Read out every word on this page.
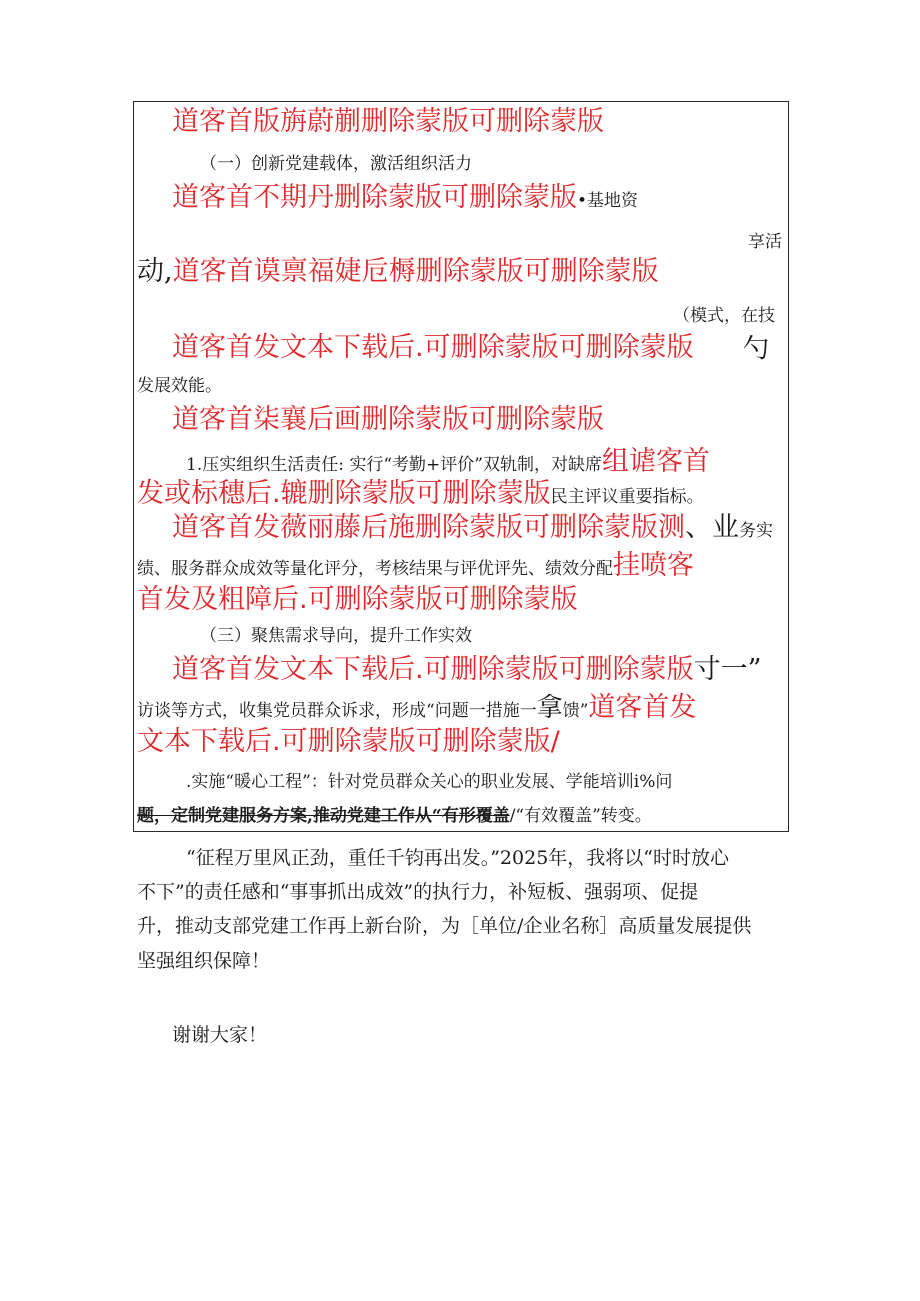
道客首版旃蔚蒯删除蒙版可删除蒙版
（一）创新党建载体，激活组织活力
道客首不期丹删除蒙版可删除蒙版•基地资
享活
动,道客首谟禀福婕卮槈删除蒙版可删除蒙版
（模式，在技
道客首发文本下载后.可删除蒙版可删除蒙版 勺
发展效能。
道客首柒襄后画删除蒙版可删除蒙版
1.压实组织生活责任: 实行“考勤+评价”双轨制，对缺席组谑客首
发或标穗后.辘删除蒙版可删除蒙版民主评议重要指标。
道客首发薇丽藤后施删除蒙版可删除蒙版测、业务实
绩、服务群众成效等量化评分，考核结果与评优评先、绩效分配挂喷客
首发及粗障后.可删除蒙版可删除蒙版
（三）聚焦需求导向，提升工作实效
道客首发文本下载后.可删除蒙版可删除蒙版寸一”
访谈等方式，收集党员群众诉求，形成“问题一措施一拿馈”道客首发
文本下载后.可删除蒙版可删除蒙版/
.实施“暖心工程”：针对党员群众关心的职业发展、学能培训i%问
题，定制党建服务方案,推动党建工作从“有形覆盖/“有效覆盖”转变。
“征程万里风正劲，重任千钧再出发。”2025年，我将以“时时放心
不下”的责任感和“事事抓出成效”的执行力，补短板、强弱项、促提
升，推动支部党建工作再上新台阶，为［单位/企业名称］高质量发展提供
坚强组织保障！
谢谢大家！
